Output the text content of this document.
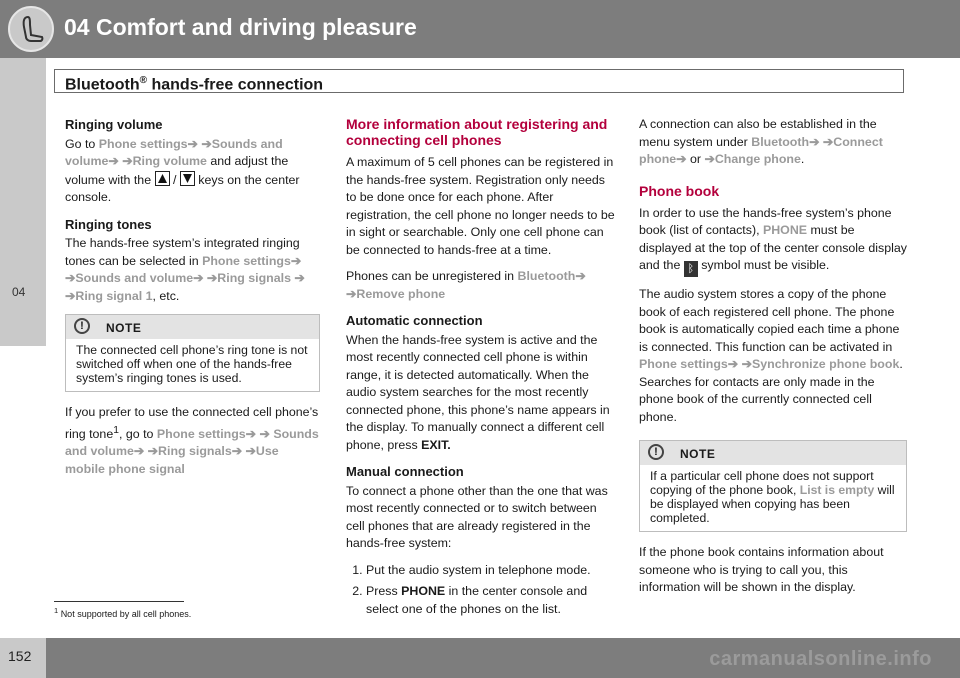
04 Comfort and driving pleasure
04
Bluetooth® hands-free connection
Ringing volume

Go to Phone settings➔ ➔Sounds and volume➔ ➔Ring volume and adjust the volume with the
/
keys on the center console.

Ringing tones

The hands-free system’s integrated ringing tones can be selected in Phone settings➔ ➔Sounds and volume➔ ➔Ring signals ➔ ➔Ring signal 1, etc.

!	NOTE
The connected cell phone’s ring tone is not switched off when one of the hands-free system’s ringing tones is used.

If you prefer to use the connected cell phone’s ring tone$^1$, go to Phone settings➔ ➔ Sounds and volume➔ ➔Ring signals➔ ➔Use mobile phone signal

More information about registering and connecting cell phones

A maximum of 5 cell phones can be registered in the hands-free system. Registration only needs to be done once for each phone. After registration, the cell phone no longer needs to be in sight or searchable. Only one cell phone can be connected to hands-free at a time.

Phones can be unregistered in Bluetooth➔ ➔Remove phone

Automatic connection

When the hands-free system is active and the most recently connected cell phone is within range, it is detected automatically. When the audio system searches for the most recently connected phone, this phone’s name appears in the display. To manually connect a different cell phone, press EXIT.

Manual connection

To connect a phone other than the one that was most recently connected or to switch between cell phones that are already registered in the hands-free system:

1. Put the audio system in telephone mode.
2. Press PHONE in the center console and select one of the phones on the list.

A connection can also be established in the menu system under Bluetooth➔ ➔Connect phone➔ or ➔Change phone.

Phone book

In order to use the hands-free system’s phone book (list of contacts), PHONE must be displayed at the top of the center console display and the ᛒ symbol must be visible.

The audio system stores a copy of the phone book of each registered cell phone. The phone book is automatically copied each time a phone is connected. This function can be activated in Phone settings➔ ➔Synchronize phone book. Searches for contacts are only made in the phone book of the currently connected cell phone.

!	NOTE
If a particular cell phone does not support copying of the phone book, List is empty will be displayed when copying has been completed.

If the phone book contains information about someone who is trying to call you, this information will be shown in the display.

$^1$ Not supported by all cell phones.
152	carmanualsonline.info
